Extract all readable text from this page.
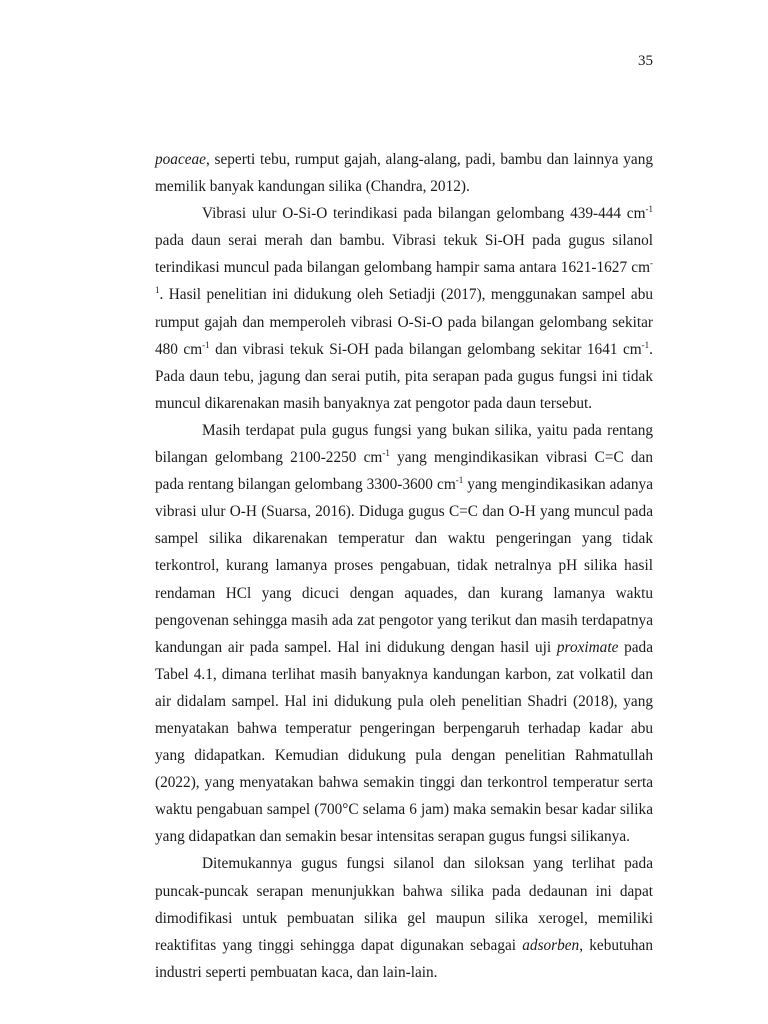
35

poaceae, seperti tebu, rumput gajah, alang-alang, padi, bambu dan lainnya yang memilik banyak kandungan silika (Chandra, 2012).

Vibrasi ulur O-Si-O terindikasi pada bilangan gelombang 439-444 $cm^{-1}$ pada daun serai merah dan bambu. Vibrasi tekuk Si-OH pada gugus silanol terindikasi muncul pada bilangan gelombang hampir sama antara 1621-1627 $cm^{-1}$. Hasil penelitian ini didukung oleh Setiadji (2017), menggunakan sampel abu rumput gajah dan memperoleh vibrasi O-Si-O pada bilangan gelombang sekitar 480 $cm^{-1}$ dan vibrasi tekuk Si-OH pada bilangan gelombang sekitar 1641 $cm^{-1}$. Pada daun tebu, jagung dan serai putih, pita serapan pada gugus fungsi ini tidak muncul dikarenakan masih banyaknya zat pengotor pada daun tersebut.

Masih terdapat pula gugus fungsi yang bukan silika, yaitu pada rentang bilangan gelombang 2100-2250 $cm^{-1}$ yang mengindikasikan vibrasi C=C dan pada rentang bilangan gelombang 3300-3600 $cm^{-1}$ yang mengindikasikan adanya vibrasi ulur O-H (Suarsa, 2016). Diduga gugus C=C dan O-H yang muncul pada sampel silika dikarenakan temperatur dan waktu pengeringan yang tidak terkontrol, kurang lamanya proses pengabuan, tidak netralnya pH silika hasil rendaman HCl yang dicuci dengan aquades, dan kurang lamanya waktu pengovenan sehingga masih ada zat pengotor yang terikut dan masih terdapatnya kandungan air pada sampel. Hal ini didukung dengan hasil uji proximate pada Tabel 4.1, dimana terlihat masih banyaknya kandungan karbon, zat volkatil dan air didalam sampel. Hal ini didukung pula oleh penelitian Shadri (2018), yang menyatakan bahwa temperatur pengeringan berpengaruh terhadap kadar abu yang didapatkan. Kemudian didukung pula dengan penelitian Rahmatullah (2022), yang menyatakan bahwa semakin tinggi dan terkontrol temperatur serta waktu pengabuan sampel (700°C selama 6 jam) maka semakin besar kadar silika yang didapatkan dan semakin besar intensitas serapan gugus fungsi silikanya.

Ditemukannya gugus fungsi silanol dan siloksan yang terlihat pada puncak-puncak serapan menunjukkan bahwa silika pada dedaunan ini dapat dimodifikasi untuk pembuatan silika gel maupun silika xerogel, memiliki reaktifitas yang tinggi sehingga dapat digunakan sebagai adsorben, kebutuhan industri seperti pembuatan kaca, dan lain-lain.
